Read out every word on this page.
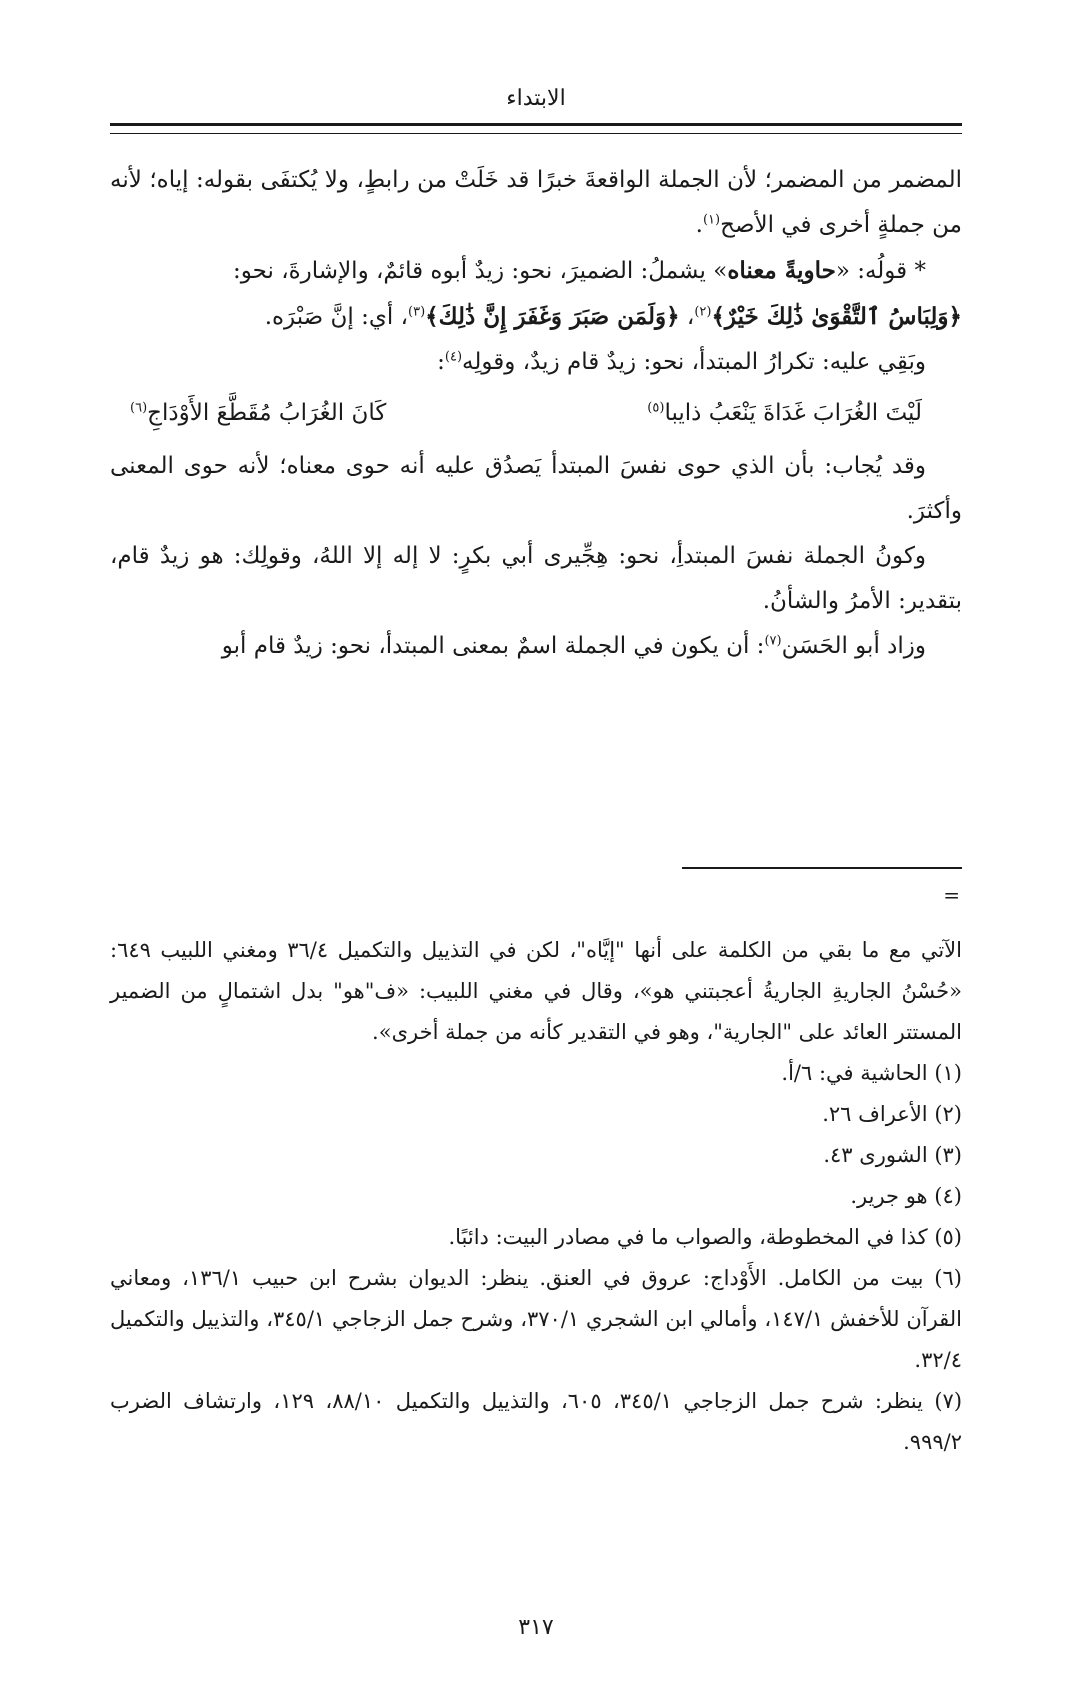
الابتداء

المضمر من المضمر؛ لأن الجملة الواقعةَ خبرًا قد خَلَتْ من رابطٍ، ولا يُكتفَى بقوله: إياه؛ لأنه من جملةٍ أخرى في الأصح$^{(١)}$.

* قولُه: «حاويةً معناه» يشملُ: الضميرَ، نحو: زيدٌ أبوه قائمٌ، والإشارةَ، نحو:

﴿وَلِبَاسُ ٱلتَّقْوَىٰ ذَٰلِكَ خَيْرٌ﴾$^{(٢)}$، ﴿وَلَمَن صَبَرَ وَغَفَرَ إِنَّ ذَٰلِكَ﴾$^{(٣)}$، أي: إنَّ صَبْرَه.

وبَقِي عليه: تكرارُ المبتدأ، نحو: زيدٌ قام زيدٌ، وقولِه$^{(٤)}$:

لَيْتَ الغُرَابَ غَدَاةَ يَنْعَبُ ذايبا$^{(٥)}$
كَانَ الغُرَابُ مُقَطَّعَ الأَوْدَاجِ$^{(٦)}$

وقد يُجاب: بأن الذي حوى نفسَ المبتدأ يَصدُق عليه أنه حوى معناه؛ لأنه حوى المعنى وأكثرَ.

وكونُ الجملة نفسَ المبتدأِ، نحو: هِجِّيرى أبي بكرٍ: لا إله إلا اللهُ، وقولِك: هو زيدٌ قام، بتقدير: الأمرُ والشأنُ.

وزاد أبو الحَسَن$^{(٧)}$: أن يكون في الجملة اسمٌ بمعنى المبتدأ، نحو: زيدٌ قام أبو

=

الآتي مع ما بقي من الكلمة على أنها "إيَّاه"، لكن في التذييل والتكميل ٣٦/٤ ومغني اللبيب ٦٤٩: «حُسْنُ الجاريةِ الجاريةُ أعجبتني هو»، وقال في مغني اللبيب: «ف"هو" بدل اشتمالٍ من الضمير المستتر العائد على "الجارية"، وهو في التقدير كأنه من جملة أخرى».

(١) الحاشية في: ٦/أ.

(٢) الأعراف ٢٦.

(٣) الشورى ٤٣.

(٤) هو جرير.

(٥) كذا في المخطوطة، والصواب ما في مصادر البيت: دائبًا.

(٦) بيت من الكامل. الأَوْداج: عروق في العنق. ينظر: الديوان بشرح ابن حبيب ١٣٦/١، ومعاني القرآن للأخفش ١٤٧/١، وأمالي ابن الشجري ٣٧٠/١، وشرح جمل الزجاجي ٣٤٥/١، والتذييل والتكميل ٣٢/٤.

(٧) ينظر: شرح جمل الزجاجي ٣٤٥/١، ٦٠٥، والتذييل والتكميل ٨٨/١٠، ١٢٩، وارتشاف الضرب ٩٩٩/٢.

٣١٧
